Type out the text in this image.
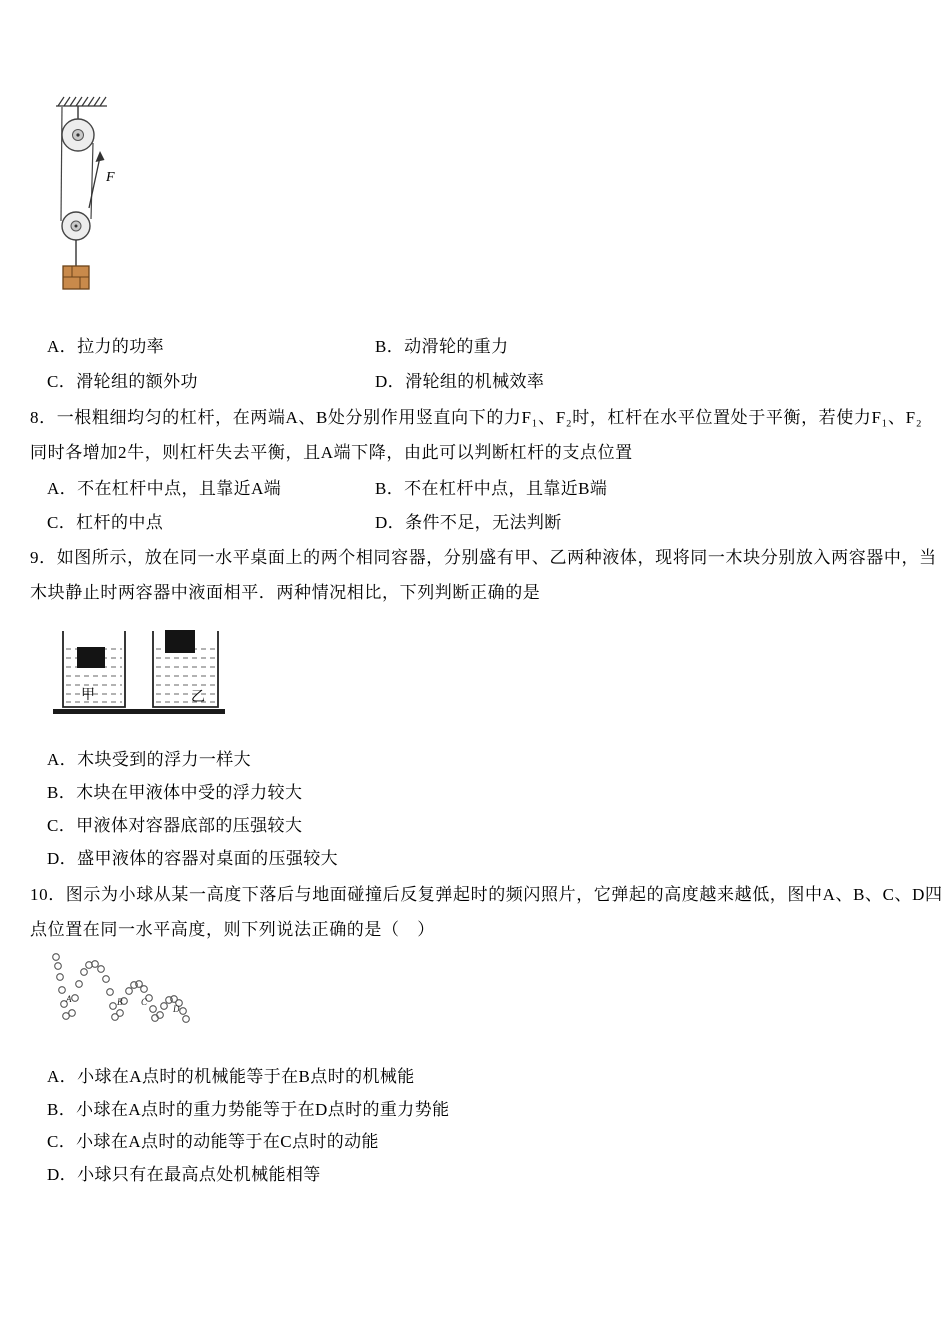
F
A．拉力的功率	B．动滑轮的重力
C．滑轮组的额外功	D．滑轮组的机械效率
8．一根粗细均匀的杠杆，在两端A、B处分别作用竖直向下的力F₁、F₂时，杠杆在水平位置处于平衡，若使力F₁、F₂
同时各增加2牛，则杠杆失去平衡，且A端下降，由此可以判断杠杆的支点位置
A．不在杠杆中点，且靠近A端	B．不在杠杆中点，且靠近B端
C．杠杆的中点	D．条件不足，无法判断
9．如图所示，放在同一水平桌面上的两个相同容器，分别盛有甲、乙两种液体，现将同一木块分别放入两容器中，当
木块静止时两容器中液面相平．两种情况相比，下列判断正确的是
甲	乙
A．木块受到的浮力一样大
B．木块在甲液体中受的浮力较大
C．甲液体对容器底部的压强较大
D．盛甲液体的容器对桌面的压强较大
10．图示为小球从某一高度下落后与地面碰撞后反复弹起时的频闪照片，它弹起的高度越来越低，图中A、B、C、D四
点位置在同一水平高度，则下列说法正确的是（　）
A	B C
D
A．小球在A点时的机械能等于在B点时的机械能
B．小球在A点时的重力势能等于在D点时的重力势能
C．小球在A点时的动能等于在C点时的动能
D．小球只有在最高点处机械能相等
